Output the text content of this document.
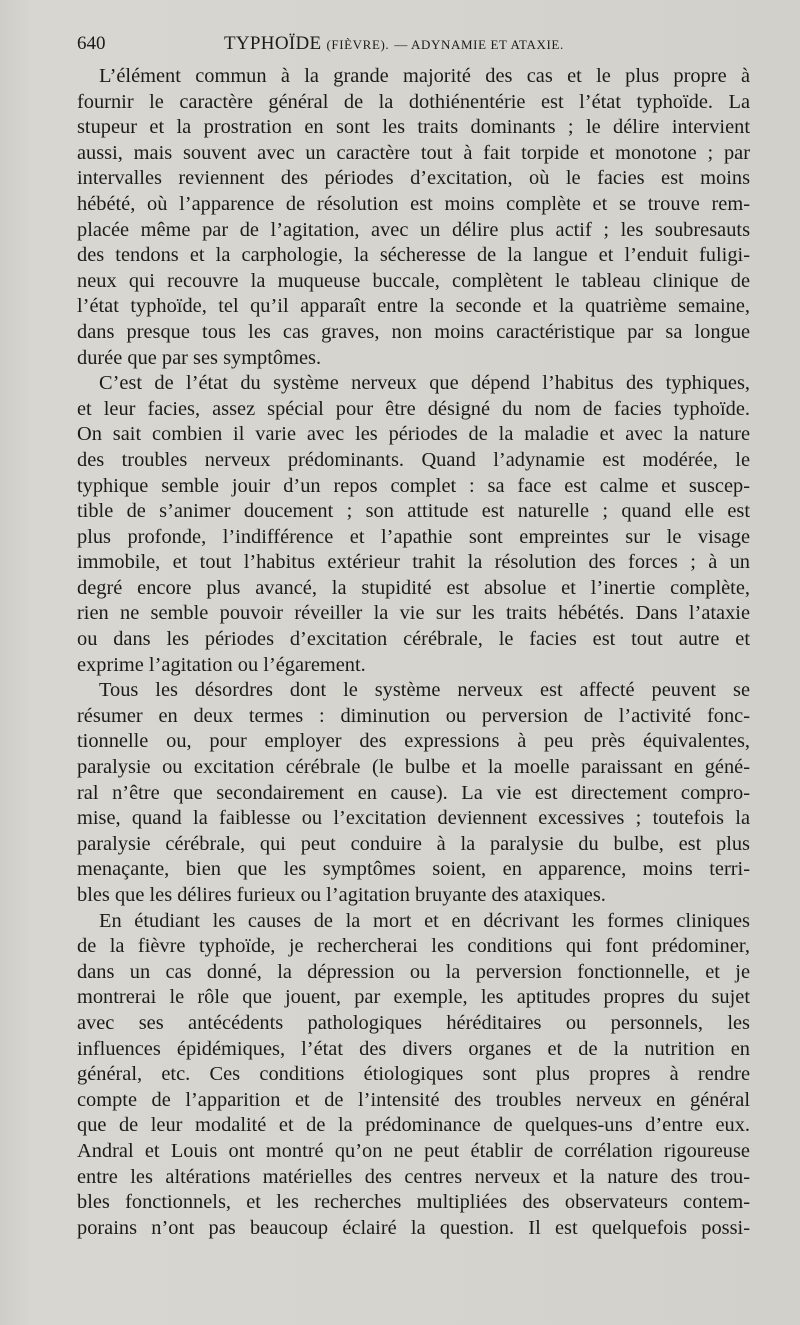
640	TYPHOÏDE (FIÈVRE). — ADYNAMIE ET ATAXIE.
L’élément commun à la grande majorité des cas et le plus propre à
fournir le caractère général de la dothiénentérie est l’état typhoïde. La
stupeur et la prostration en sont les traits dominants ; le délire intervient
aussi, mais souvent avec un caractère tout à fait torpide et monotone ; par
intervalles reviennent des périodes d’excitation, où le facies est moins
hébété, où l’apparence de résolution est moins complète et se trouve rem-
placée même par de l’agitation, avec un délire plus actif ; les soubresauts
des tendons et la carphologie, la sécheresse de la langue et l’enduit fuligi-
neux qui recouvre la muqueuse buccale, complètent le tableau clinique de
l’état typhoïde, tel qu’il apparaît entre la seconde et la quatrième semaine,
dans presque tous les cas graves, non moins caractéristique par sa longue
durée que par ses symptômes.
C’est de l’état du système nerveux que dépend l’habitus des typhiques,
et leur facies, assez spécial pour être désigné du nom de facies typhoïde.
On sait combien il varie avec les périodes de la maladie et avec la nature
des troubles nerveux prédominants. Quand l’adynamie est modérée, le
typhique semble jouir d’un repos complet : sa face est calme et suscep-
tible de s’animer doucement ; son attitude est naturelle ; quand elle est
plus profonde, l’indifférence et l’apathie sont empreintes sur le visage
immobile, et tout l’habitus extérieur trahit la résolution des forces ; à un
degré encore plus avancé, la stupidité est absolue et l’inertie complète,
rien ne semble pouvoir réveiller la vie sur les traits hébétés. Dans l’ataxie
ou dans les périodes d’excitation cérébrale, le facies est tout autre et
exprime l’agitation ou l’égarement.
Tous les désordres dont le système nerveux est affecté peuvent se
résumer en deux termes : diminution ou perversion de l’activité fonc-
tionnelle ou, pour employer des expressions à peu près équivalentes,
paralysie ou excitation cérébrale (le bulbe et la moelle paraissant en géné-
ral n’être que secondairement en cause). La vie est directement compro-
mise, quand la faiblesse ou l’excitation deviennent excessives ; toutefois la
paralysie cérébrale, qui peut conduire à la paralysie du bulbe, est plus
menaçante, bien que les symptômes soient, en apparence, moins terri-
bles que les délires furieux ou l’agitation bruyante des ataxiques.
En étudiant les causes de la mort et en décrivant les formes cliniques
de la fièvre typhoïde, je rechercherai les conditions qui font prédominer,
dans un cas donné, la dépression ou la perversion fonctionnelle, et je
montrerai le rôle que jouent, par exemple, les aptitudes propres du sujet
avec ses antécédents pathologiques héréditaires ou personnels, les
influences épidémiques, l’état des divers organes et de la nutrition en
général, etc. Ces conditions étiologiques sont plus propres à rendre
compte de l’apparition et de l’intensité des troubles nerveux en général
que de leur modalité et de la prédominance de quelques-uns d’entre eux.
Andral et Louis ont montré qu’on ne peut établir de corrélation rigoureuse
entre les altérations matérielles des centres nerveux et la nature des trou-
bles fonctionnels, et les recherches multipliées des observateurs contem-
porains n’ont pas beaucoup éclairé la question. Il est quelquefois possi-
